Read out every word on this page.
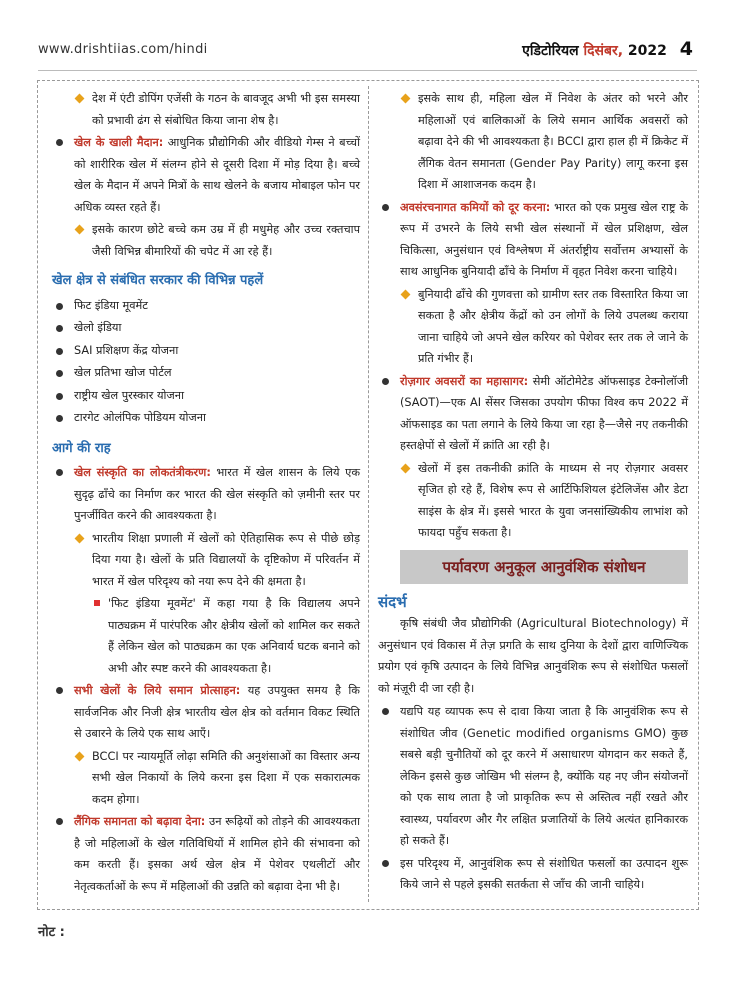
www.drishtiias.com/hindi	एडिटोरियल दिसंबर, 2022 4
देश में एंटी डोपिंग एजेंसी के गठन के बावजूद अभी भी इस समस्या को प्रभावी ढंग से संबोधित किया जाना शेष है।
खेल के खाली मैदान: आधुनिक प्रौद्योगिकी और वीडियो गेम्स ने बच्चों को शारीरिक खेल में संलग्न होने से दूसरी दिशा में मोड़ दिया है। बच्चे खेल के मैदान में अपने मित्रों के साथ खेलने के बजाय मोबाइल फोन पर अधिक व्यस्त रहते हैं।
इसके कारण छोटे बच्चे कम उम्र में ही मधुमेह और उच्च रक्तचाप जैसी विभिन्न बीमारियों की चपेट में आ रहे हैं।
खेल क्षेत्र से संबंधित सरकार की विभिन्न पहलें
फिट इंडिया मूवमेंट
खेलो इंडिया
SAI प्रशिक्षण केंद्र योजना
खेल प्रतिभा खोज पोर्टल
राष्ट्रीय खेल पुरस्कार योजना
टारगेट ओलंपिक पोडियम योजना
आगे की राह
खेल संस्कृति का लोकतंत्रीकरण: भारत में खेल शासन के लिये एक सुदृढ़ ढाँचे का निर्माण कर भारत की खेल संस्कृति को ज़मीनी स्तर पर पुनर्जीवित करने की आवश्यकता है।
भारतीय शिक्षा प्रणाली में खेलों को ऐतिहासिक रूप से पीछे छोड़ दिया गया है। खेलों के प्रति विद्यालयों के दृष्टिकोण में परिवर्तन में भारत में खेल परिदृश्य को नया रूप देने की क्षमता है।
'फिट इंडिया मूवमेंट' में कहा गया है कि विद्यालय अपने पाठ्यक्रम में पारंपरिक और क्षेत्रीय खेलों को शामिल कर सकते हैं लेकिन खेल को पाठ्यक्रम का एक अनिवार्य घटक बनाने को अभी और स्पष्ट करने की आवश्यकता है।
सभी खेलों के लिये समान प्रोत्साहन: यह उपयुक्त समय है कि सार्वजनिक और निजी क्षेत्र भारतीय खेल क्षेत्र को वर्तमान विकट स्थिति से उबारने के लिये एक साथ आएँ।
BCCI पर न्यायमूर्ति लोढ़ा समिति की अनुशंसाओं का विस्तार अन्य सभी खेल निकायों के लिये करना इस दिशा में एक सकारात्मक कदम होगा।
लैंगिक समानता को बढ़ावा देना: उन रूढ़ियों को तोड़ने की आवश्यकता है जो महिलाओं के खेल गतिविधियों में शामिल होने की संभावना को कम करती हैं। इसका अर्थ खेल क्षेत्र में पेशेवर एथलीटों और नेतृत्वकर्ताओं के रूप में महिलाओं की उन्नति को बढ़ावा देना भी है।
इसके साथ ही, महिला खेल में निवेश के अंतर को भरने और महिलाओं एवं बालिकाओं के लिये समान आर्थिक अवसरों को बढ़ावा देने की भी आवश्यकता है। BCCI द्वारा हाल ही में क्रिकेट में लैंगिक वेतन समानता (Gender Pay Parity) लागू करना इस दिशा में आशाजनक कदम है।
अवसंरचनागत कमियों को दूर करना: भारत को एक प्रमुख खेल राष्ट्र के रूप में उभरने के लिये सभी खेल संस्थानों में खेल प्रशिक्षण, खेल चिकित्सा, अनुसंधान एवं विश्लेषण में अंतर्राष्ट्रीय सर्वोत्तम अभ्यासों के साथ आधुनिक बुनियादी ढाँचे के निर्माण में वृहत निवेश करना चाहिये।
बुनियादी ढाँचे की गुणवत्ता को ग्रामीण स्तर तक विस्तारित किया जा सकता है और क्षेत्रीय केंद्रों को उन लोगों के लिये उपलब्ध कराया जाना चाहिये जो अपने खेल करियर को पेशेवर स्तर तक ले जाने के प्रति गंभीर हैं।
रोज़गार अवसरों का महासागर: सेमी ऑटोमेटेड ऑफसाइड टेक्नोलॉजी (SAOT)—एक AI सेंसर जिसका उपयोग फीफा विश्व कप 2022 में ऑफसाइड का पता लगाने के लिये किया जा रहा है—जैसे नए तकनीकी हस्तक्षेपों से खेलों में क्रांति आ रही है।
खेलों में इस तकनीकी क्रांति के माध्यम से नए रोज़गार अवसर सृजित हो रहे हैं, विशेष रूप से आर्टिफिशियल इंटेलिजेंस और डेटा साइंस के क्षेत्र में। इससे भारत के युवा जनसांख्यिकीय लाभांश को फायदा पहुँच सकता है।
पर्यावरण अनुकूल आनुवंशिक संशोधन
संदर्भ
कृषि संबंधी जैव प्रौद्योगिकी (Agricultural Biotechnology) में अनुसंधान एवं विकास में तेज़ प्रगति के साथ दुनिया के देशों द्वारा वाणिज्यिक प्रयोग एवं कृषि उत्पादन के लिये विभिन्न आनुवंशिक रूप से संशोधित फसलों को मंज़ूरी दी जा रही है।
यद्यपि यह व्यापक रूप से दावा किया जाता है कि आनुवंशिक रूप से संशोधित जीव (Genetic modified organisms GMO) कुछ सबसे बड़ी चुनौतियों को दूर करने में असाधारण योगदान कर सकते हैं, लेकिन इससे कुछ जोखिम भी संलग्न है, क्योंकि यह नए जीन संयोजनों को एक साथ लाता है जो प्राकृतिक रूप से अस्तित्व नहीं रखते और स्वास्थ्य, पर्यावरण और गैर लक्षित प्रजातियों के लिये अत्यंत हानिकारक हो सकते हैं।
इस परिदृश्य में, आनुवंशिक रूप से संशोधित फसलों का उत्पादन शुरू किये जाने से पहले इसकी सतर्कता से जाँच की जानी चाहिये।
नोट :
